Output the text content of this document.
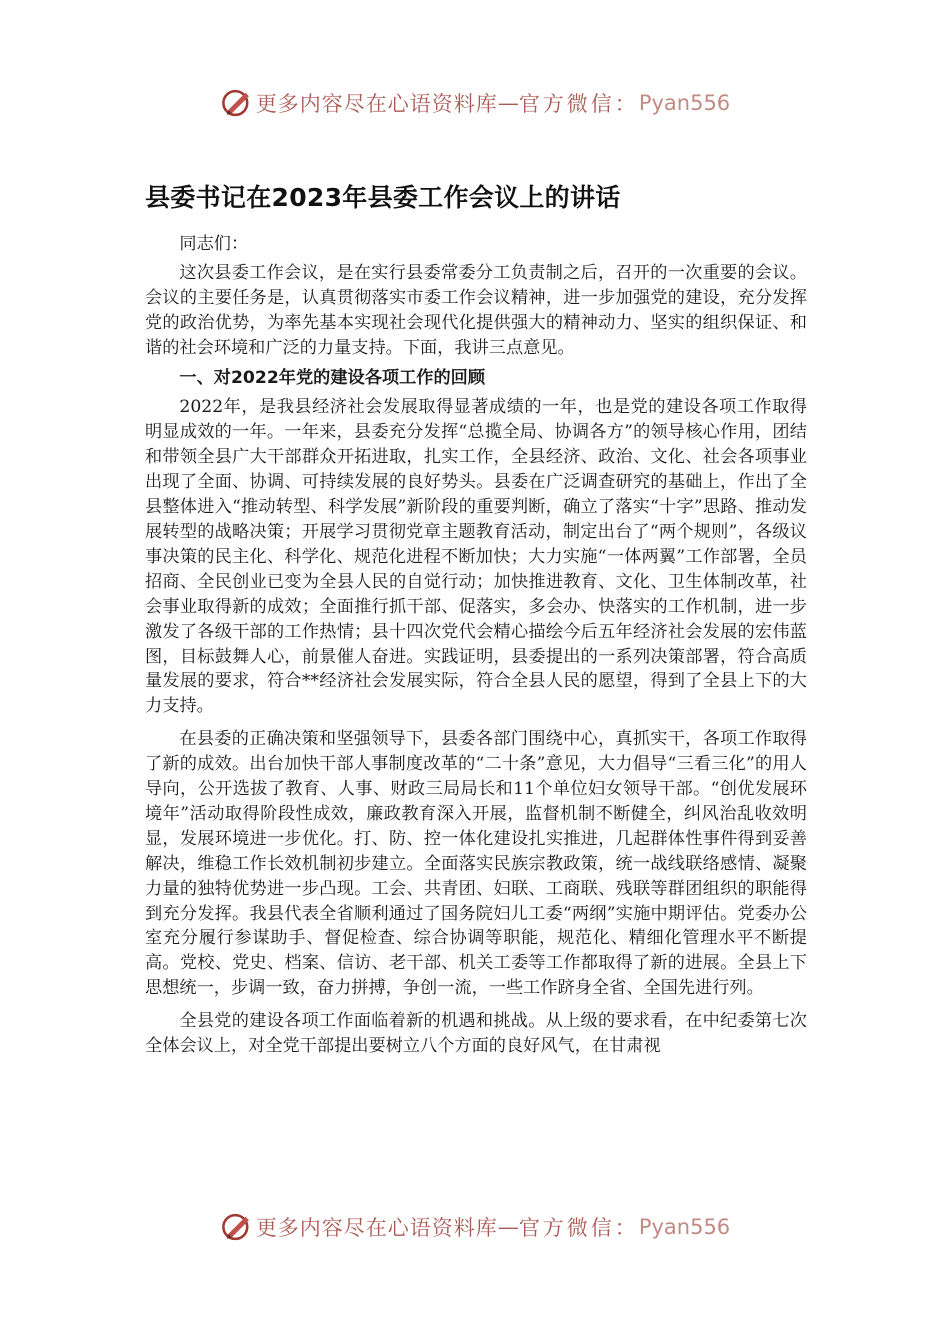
更多内容尽在心语资料库 — 官方微信： Pyan556
县委书记在2023年县委工作会议上的讲话

同志们：

这次县委工作会议，是在实行县委常委分工负责制之后，召开的一次重要的会议。会议的主要任务是，认真贯彻落实市委工作会议精神，进一步加强党的建设，充分发挥党的政治优势，为率先基本实现社会现代化提供强大的精神动力、坚实的组织保证、和谐的社会环境和广泛的力量支持。下面，我讲三点意见。

一、对2022年党的建设各项工作的回顾

2022年，是我县经济社会发展取得显著成绩的一年，也是党的建设各项工作取得明显成效的一年。一年来，县委充分发挥“总揽全局、协调各方”的领导核心作用，团结和带领全县广大干部群众开拓进取，扎实工作，全县经济、政治、文化、社会各项事业出现了全面、协调、可持续发展的良好势头。县委在广泛调查研究的基础上，作出了全县整体进入“推动转型、科学发展”新阶段的重要判断，确立了落实“十字”思路、推动发展转型的战略决策；开展学习贯彻党章主题教育活动，制定出台了“两个规则”，各级议事决策的民主化、科学化、规范化进程不断加快；大力实施“一体两翼”工作部署，全员招商、全民创业已变为全县人民的自觉行动；加快推进教育、文化、卫生体制改革，社会事业取得新的成效；全面推行抓干部、促落实，多会办、快落实的工作机制，进一步激发了各级干部的工作热情；县十四次党代会精心描绘今后五年经济社会发展的宏伟蓝图，目标鼓舞人心，前景催人奋进。实践证明，县委提出的一系列决策部署，符合高质量发展的要求，符合**经济社会发展实际，符合全县人民的愿望，得到了全县上下的大力支持。

在县委的正确决策和坚强领导下，县委各部门围绕中心，真抓实干，各项工作取得了新的成效。出台加快干部人事制度改革的“二十条”意见，大力倡导“三看三化”的用人导向，公开选拔了教育、人事、财政三局局长和11个单位妇女领导干部。“创优发展环境年”活动取得阶段性成效，廉政教育深入开展，监督机制不断健全，纠风治乱收效明显，发展环境进一步优化。打、防、控一体化建设扎实推进，几起群体性事件得到妥善解决，维稳工作长效机制初步建立。全面落实民族宗教政策，统一战线联络感情、凝聚力量的独特优势进一步凸现。工会、共青团、妇联、工商联、残联等群团组织的职能得到充分发挥。我县代表全省顺利通过了国务院妇儿工委“两纲”实施中期评估。党委办公室充分履行参谋助手、督促检查、综合协调等职能，规范化、精细化管理水平不断提高。党校、党史、档案、信访、老干部、机关工委等工作都取得了新的进展。全县上下思想统一，步调一致，奋力拼搏，争创一流，一些工作跻身全省、全国先进行列。

全县党的建设各项工作面临着新的机遇和挑战。从上级的要求看，在中纪委第七次全体会议上，对全党干部提出要树立八个方面的良好风气，在甘肃视

更多内容尽在心语资料库 — 官方微信： Pyan556
